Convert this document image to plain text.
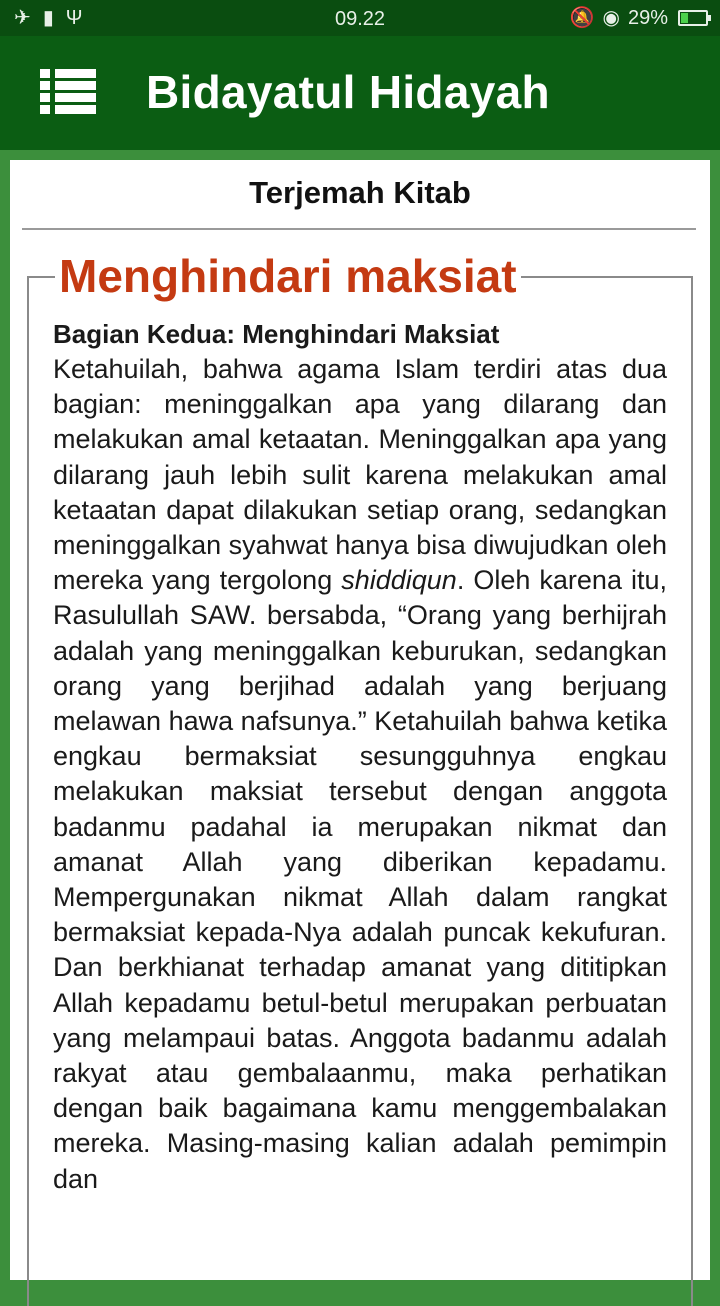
✈ ▮ Ψ	09.22	🔕 ◉ 29%
Bidayatul Hidayah
Terjemah Kitab
Menghindari maksiat

Bagian Kedua: Menghindari Maksiat

Ketahuilah, bahwa agama Islam terdiri atas dua bagian: meninggalkan apa yang dilarang dan melakukan amal ketaatan. Meninggalkan apa yang dilarang jauh lebih sulit karena melakukan amal ketaatan dapat dilakukan setiap orang, sedangkan meninggalkan syahwat hanya bisa diwujudkan oleh mereka yang tergolong shiddiqun. Oleh karena itu, Rasulullah SAW. bersabda, “Orang yang berhijrah adalah yang meninggalkan keburukan, sedangkan orang yang berjihad adalah yang berjuang melawan hawa nafsunya.” Ketahuilah bahwa ketika engkau bermaksiat sesungguhnya engkau melakukan maksiat tersebut dengan anggota badanmu padahal ia merupakan nikmat dan amanat Allah yang diberikan kepadamu. Mempergunakan nikmat Allah dalam rangkat bermaksiat kepada-Nya adalah puncak kekufuran. Dan berkhianat terhadap amanat yang dititipkan Allah kepadamu betul-betul merupakan perbuatan yang melampaui batas. Anggota badanmu adalah rakyat atau gembalaanmu, maka perhatikan dengan baik bagaimana kamu menggembalakan mereka. Masing-masing kalian adalah pemimpin dan
